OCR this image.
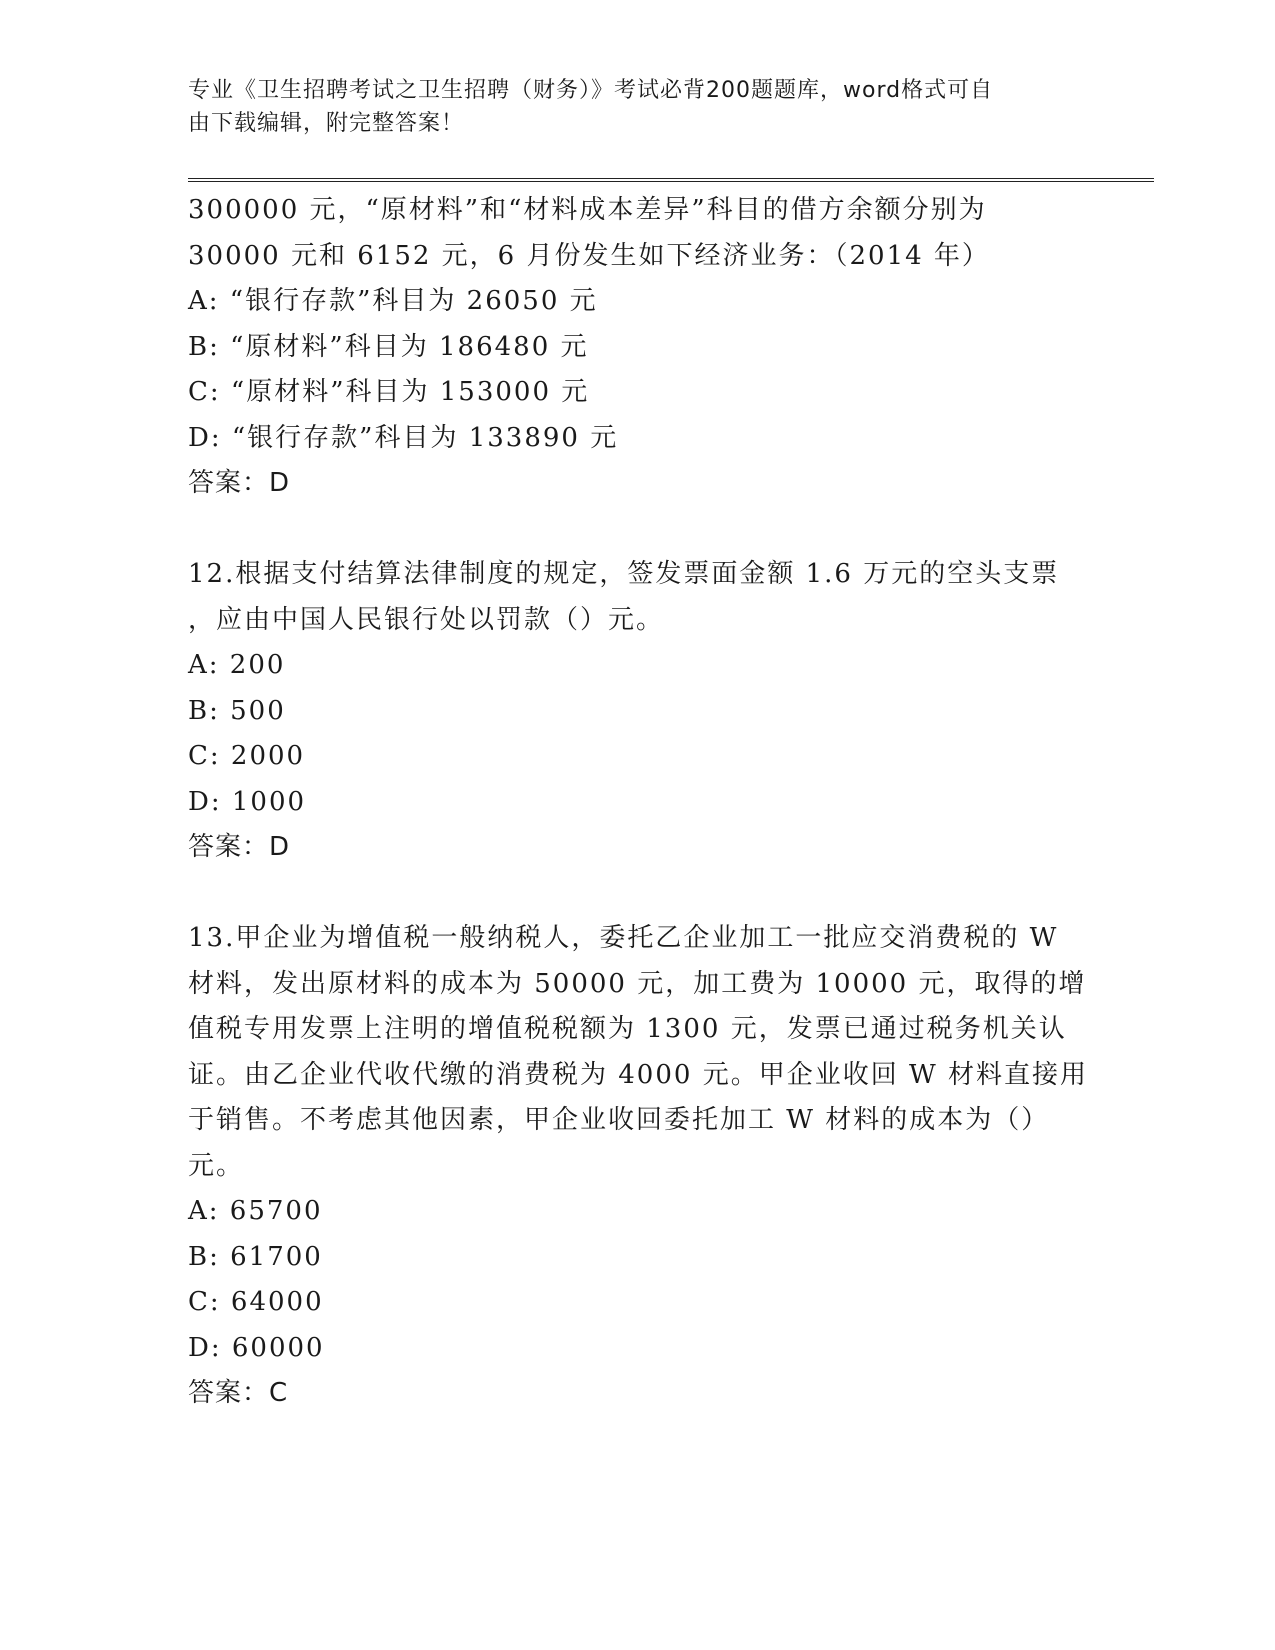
专业《卫生招聘考试之卫生招聘（财务）》考试必背200题题库，word格式可自
由下载编辑，附完整答案！
300000 元，“原材料”和“材料成本差异”科目的借方余额分别为
30000 元和 6152 元，6 月份发生如下经济业务：（2014 年）
A: “银行存款”科目为 26050 元
B: “原材料”科目为 186480 元
C: “原材料”科目为 153000 元
D: “银行存款”科目为 133890 元
答案：D
12.根据支付结算法律制度的规定，签发票面金额 1.6 万元的空头支票
，应由中国人民银行处以罚款（）元。
A: 200
B: 500
C: 2000
D: 1000
答案：D
13.甲企业为增值税一般纳税人，委托乙企业加工一批应交消费税的 W
材料，发出原材料的成本为 50000 元，加工费为 10000 元，取得的增
值税专用发票上注明的增值税税额为 1300 元，发票已通过税务机关认
证。由乙企业代收代缴的消费税为 4000 元。甲企业收回 W 材料直接用
于销售。不考虑其他因素，甲企业收回委托加工 W 材料的成本为（）
元。
A: 65700
B: 61700
C: 64000
D: 60000
答案：C
